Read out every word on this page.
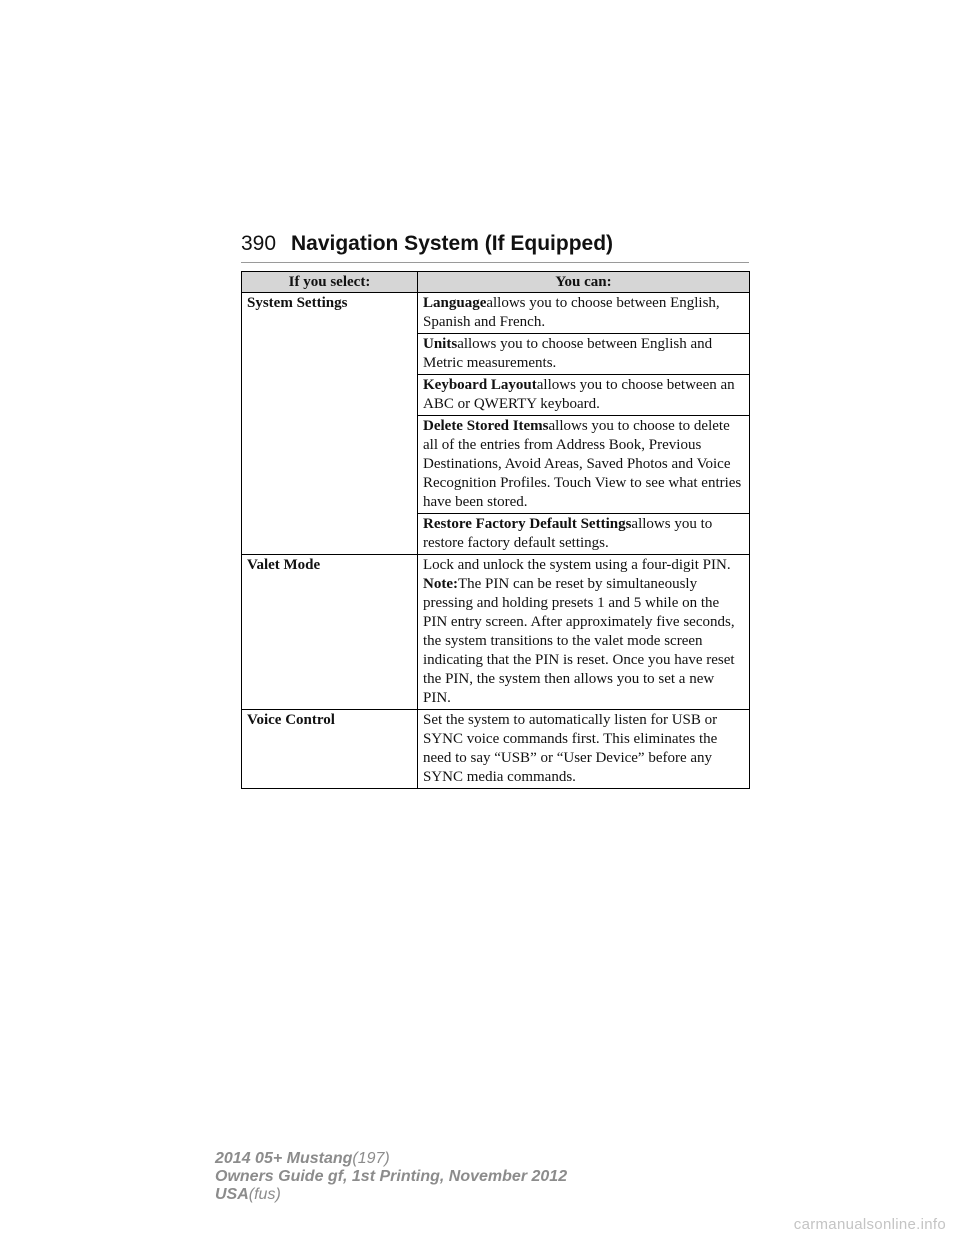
390 Navigation System (If Equipped)
If you select:	You can:
System Settings	Languageallows you to choose between English, Spanish and French.
	Unitsallows you to choose between English and Metric measurements.
	Keyboard Layoutallows you to choose between an ABC or QWERTY keyboard.
	Delete Stored Itemsallows you to choose to delete all of the entries from Address Book, Previous Destinations, Avoid Areas, Saved Photos and Voice Recognition Profiles. Touch View to see what entries have been stored.
	Restore Factory Default Settingsallows you to restore factory default settings.
Valet Mode	Lock and unlock the system using a four-digit PIN.
Note:The PIN can be reset by simultaneously pressing and holding presets 1 and 5 while on the PIN entry screen. After approximately five seconds, the system transitions to the valet mode screen indicating that the PIN is reset. Once you have reset the PIN, the system then allows you to set a new PIN.

Voice Control	Set the system to automatically listen for USB or SYNC voice commands first. This eliminates the need to say “USB” or “User Device” before any SYNC media commands.
2014 05+ Mustang(197)
Owners Guide gf, 1st Printing, November 2012
USA(fus)
carmanualsonline.info
